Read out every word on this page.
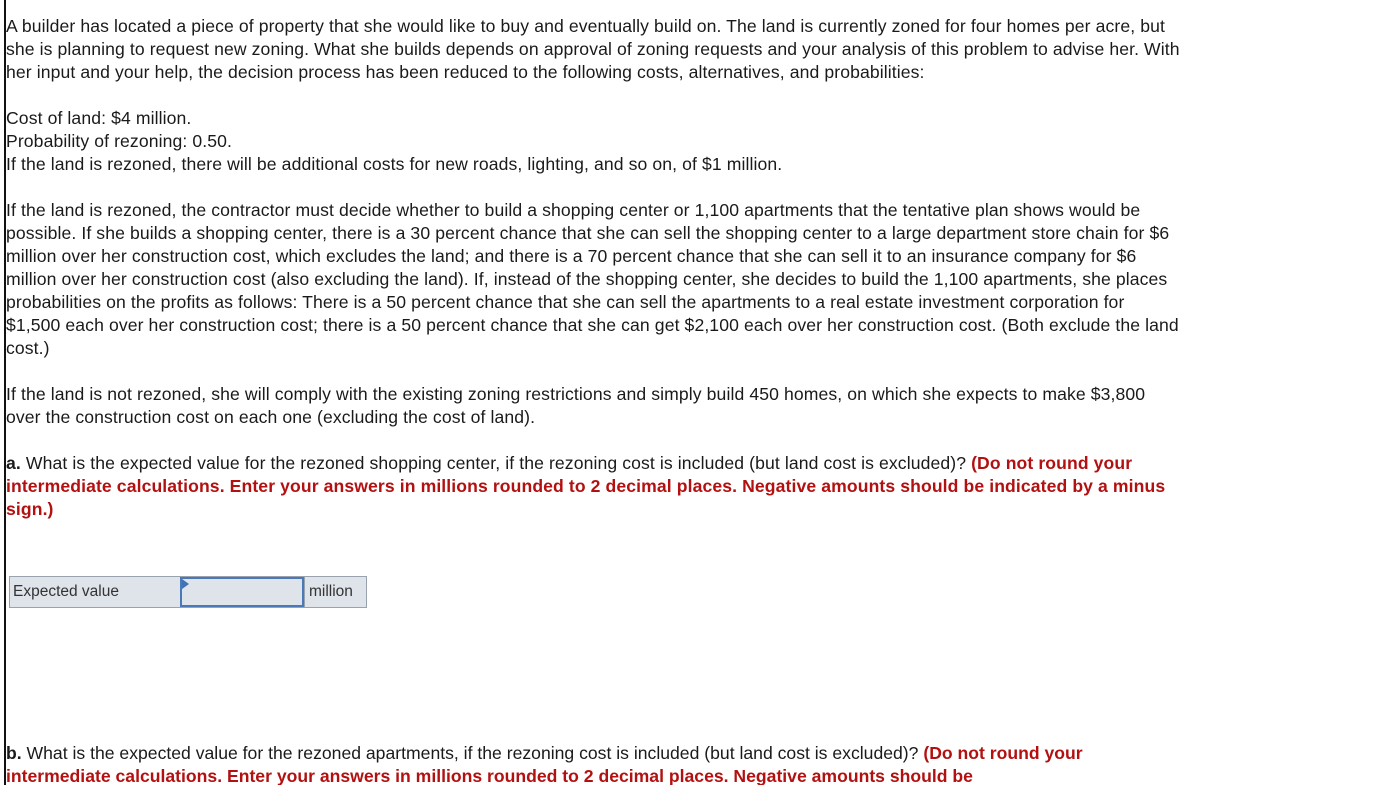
A builder has located a piece of property that she would like to buy and eventually build on. The land is currently zoned for four homes per acre, but she is planning to request new zoning. What she builds depends on approval of zoning requests and your analysis of this problem to advise her. With her input and your help, the decision process has been reduced to the following costs, alternatives, and probabilities:

Cost of land: $4 million.

Probability of rezoning: 0.50.

If the land is rezoned, there will be additional costs for new roads, lighting, and so on, of $1 million.

If the land is rezoned, the contractor must decide whether to build a shopping center or 1,100 apartments that the tentative plan shows would be possible. If she builds a shopping center, there is a 30 percent chance that she can sell the shopping center to a large department store chain for $6 million over her construction cost, which excludes the land; and there is a 70 percent chance that she can sell it to an insurance company for $6 million over her construction cost (also excluding the land). If, instead of the shopping center, she decides to build the 1,100 apartments, she places probabilities on the profits as follows: There is a 50 percent chance that she can sell the apartments to a real estate investment corporation for $1,500 each over her construction cost; there is a 50 percent chance that she can get $2,100 each over her construction cost. (Both exclude the land cost.)

If the land is not rezoned, she will comply with the existing zoning restrictions and simply build 450 homes, on which she expects to make $3,800 over the construction cost on each one (excluding the cost of land).

a. What is the expected value for the rezoned shopping center, if the rezoning cost is included (but land cost is excluded)? (Do not round your intermediate calculations. Enter your answers in millions rounded to 2 decimal places. Negative amounts should be indicated by a minus sign.)

Expected value	million
b. What is the expected value for the rezoned apartments, if the rezoning cost is included (but land cost is excluded)? (Do not round your intermediate calculations. Enter your answers in millions rounded to 2 decimal places. Negative amounts should be
